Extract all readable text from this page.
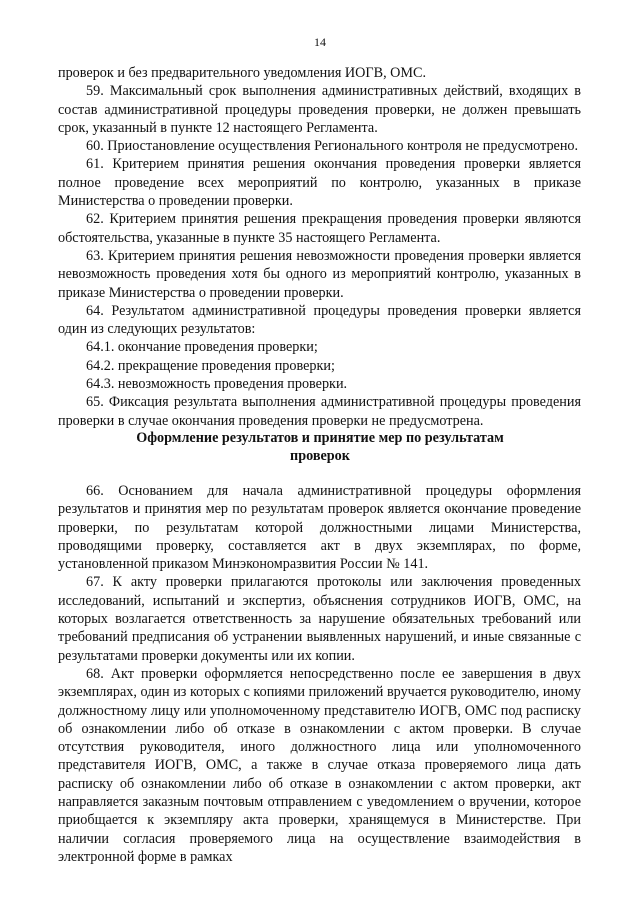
14

проверок и без предварительного уведомления ИОГВ, ОМС.

59. Максимальный срок выполнения административных действий, входящих в состав административной процедуры проведения проверки, не должен превышать срок, указанный в пункте 12 настоящего Регламента.

60. Приостановление осуществления Регионального контроля не предусмотрено.

61. Критерием принятия решения окончания проведения проверки является полное проведение всех мероприятий по контролю, указанных в приказе Министерства о проведении проверки.

62. Критерием принятия решения прекращения проведения проверки являются обстоятельства, указанные в пункте 35 настоящего Регламента.

63. Критерием принятия решения невозможности проведения проверки является невозможность проведения хотя бы одного из мероприятий контролю, указанных в приказе Министерства о проведении проверки.

64. Результатом административной процедуры проведения проверки является один из следующих результатов:

64.1. окончание проведения проверки;

64.2. прекращение проведения проверки;

64.3. невозможность проведения проверки.

65. Фиксация результата выполнения административной процедуры проведения проверки в случае окончания проведения проверки не предусмотрена.

Оформление результатов и принятие мер по результатам
проверок

66. Основанием для начала административной процедуры оформления результатов и принятия мер по результатам проверок является окончание проведение проверки, по результатам которой должностными лицами Министерства, проводящими проверку, составляется акт в двух экземплярах, по форме, установленной приказом Минэкономразвития России № 141.

67. К акту проверки прилагаются протоколы или заключения проведенных исследований, испытаний и экспертиз, объяснения сотрудников ИОГВ, ОМС, на которых возлагается ответственность за нарушение обязательных требований или требований предписания об устранении выявленных нарушений, и иные связанные с результатами проверки документы или их копии.

68. Акт проверки оформляется непосредственно после ее завершения в двух экземплярах, один из которых с копиями приложений вручается руководителю, иному должностному лицу или уполномоченному представителю ИОГВ, ОМС под расписку об ознакомлении либо об отказе в ознакомлении с актом проверки. В случае отсутствия руководителя, иного должностного лица или уполномоченного представителя ИОГВ, ОМС, а также в случае отказа проверяемого лица дать расписку об ознакомлении либо об отказе в ознакомлении с актом проверки, акт направляется заказным почтовым отправлением с уведомлением о вручении, которое приобщается к экземпляру акта проверки, хранящемуся в Министерстве. При наличии согласия проверяемого лица на осуществление взаимодействия в электронной форме в рамках
